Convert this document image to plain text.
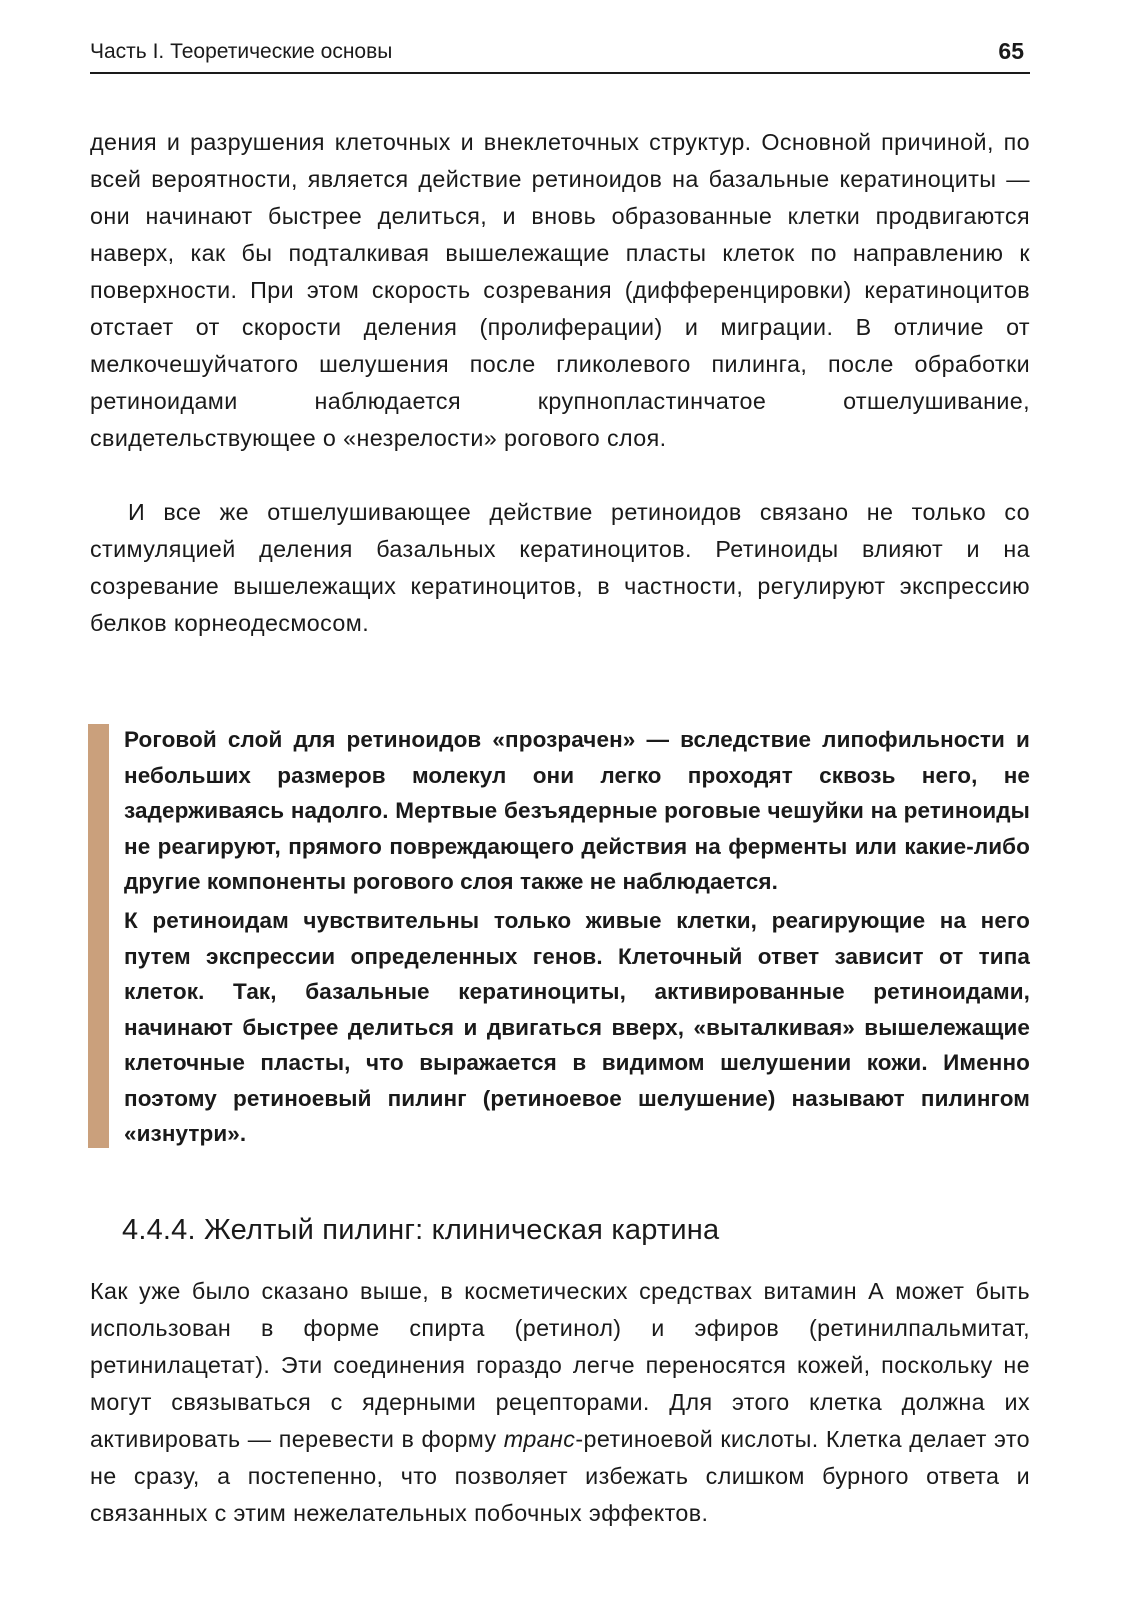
Часть I. Теоретические основы	65

дения и разрушения клеточных и внеклеточных структур. Основной причиной, по всей вероятности, является действие ретиноидов на базальные кератиноциты — они начинают быстрее делиться, и вновь образованные клетки продвигаются наверх, как бы подталкивая вышележащие пласты клеток по направлению к поверхности. При этом скорость созревания (дифференцировки) кератиноцитов отстает от скорости деления (пролиферации) и миграции. В отличие от мелкочешуйчатого шелушения после гликолевого пилинга, после обработки ретиноидами наблюдается крупнопластинчатое отшелушивание, свидетельствующее о «незрелости» рогового слоя.

И все же отшелушивающее действие ретиноидов связано не только со стимуляцией деления базальных кератиноцитов. Ретиноиды влияют и на созревание вышележащих кератиноцитов, в частности, регулируют экспрессию белков корнеодесмосом.

Роговой слой для ретиноидов «прозрачен» — вследствие липофильности и небольших размеров молекул они легко проходят сквозь него, не задерживаясь надолго. Мертвые безъядерные роговые чешуйки на ретиноиды не реагируют, прямого повреждающего действия на ферменты или какие-либо другие компоненты рогового слоя также не наблюдается.

К ретиноидам чувствительны только живые клетки, реагирующие на него путем экспрессии определенных генов. Клеточный ответ зависит от типа клеток. Так, базальные кератиноциты, активированные ретиноидами, начинают быстрее делиться и двигаться вверх, «выталкивая» вышележащие клеточные пласты, что выражается в видимом шелушении кожи. Именно поэтому ретиноевый пилинг (ретиноевое шелушение) называют пилингом «изнутри».

4.4.4. Желтый пилинг: клиническая картина

Как уже было сказано выше, в косметических средствах витамин А может быть использован в форме спирта (ретинол) и эфиров (ретинилпальмитат, ретинилацетат). Эти соединения гораздо легче переносятся кожей, поскольку не могут связываться с ядерными рецепторами. Для этого клетка должна их активировать — перевести в форму транс-ретиноевой кислоты. Клетка делает это не сразу, а постепенно, что позволяет избежать слишком бурного ответа и связанных с этим нежелательных побочных эффектов.
